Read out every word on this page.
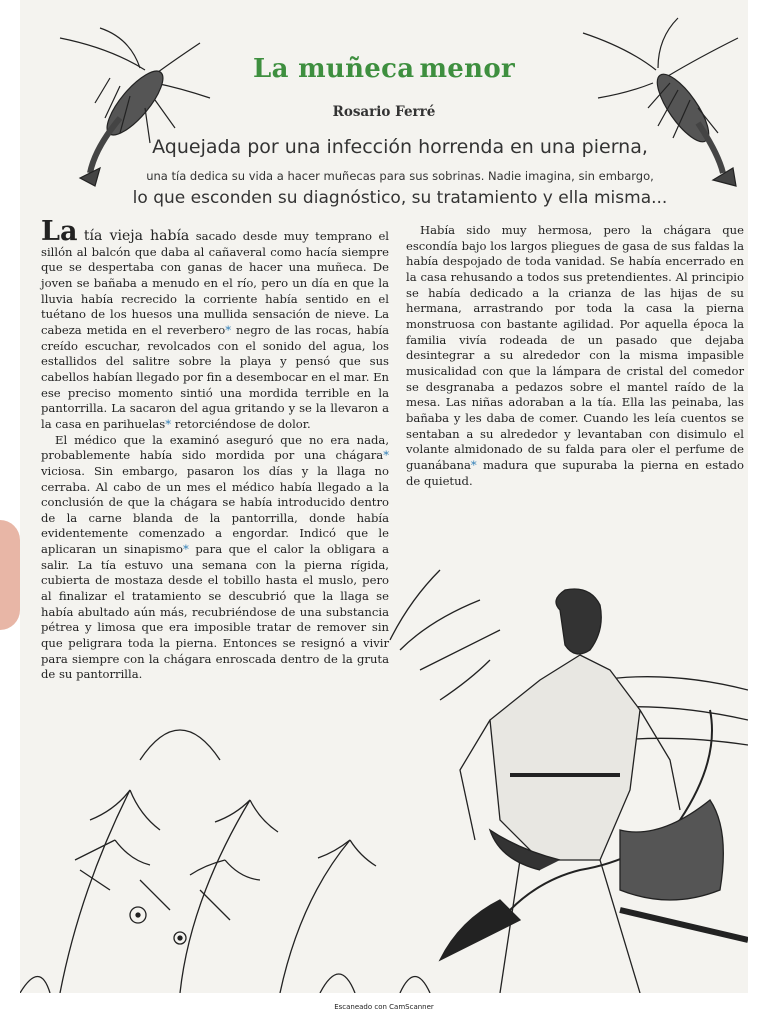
La muñeca menor
Rosario Ferré
Aquejada por una infección horrenda en una pierna,
una tía dedica su vida a hacer muñecas para sus sobrinas. Nadie imagina, sin embargo,
lo que esconden su diagnóstico, su tratamiento y ella misma...

La tía vieja había sacado desde muy temprano el sillón al balcón que daba al cañaveral como hacía siempre que se despertaba con ganas de hacer una muñeca. De joven se bañaba a menudo en el río, pero un día en que la lluvia había recrecido la corriente había sentido en el tuétano de los huesos una mullida sensación de nieve. La cabeza metida en el reverbero* negro de las rocas, había creído escuchar, revolcados con el sonido del agua, los estallidos del salitre sobre la playa y pensó que sus cabellos habían llegado por fin a desembocar en el mar. En ese preciso momento sintió una mordida terrible en la pantorrilla. La sacaron del agua gritando y se la llevaron a la casa en parihuelas* retorciéndose de dolor.

El médico que la examinó aseguró que no era nada, probablemente había sido mordida por una chágara* viciosa. Sin embargo, pasaron los días y la llaga no cerraba. Al cabo de un mes el médico había llegado a la conclusión de que la chágara se había introducido dentro de la carne blanda de la pantorrilla, donde había evidentemente comenzado a engordar. Indicó que le aplicaran un sinapismo* para que el calor la obligara a salir. La tía estuvo una semana con la pierna rígida, cubierta de mostaza desde el tobillo hasta el muslo, pero al finalizar el tratamiento se descubrió que la llaga se había abultado aún más, recubriéndose de una substancia pétrea y limosa que era imposible tratar de remover sin que peligrara toda la pierna. Entonces se resignó a vivir para siempre con la chágara enroscada dentro de la gruta de su pantorrilla.

Había sido muy hermosa, pero la chágara que escondía bajo los largos pliegues de gasa de sus faldas la había despojado de toda vanidad. Se había encerrado en la casa rehusando a todos sus pretendientes. Al principio se había dedicado a la crianza de las hijas de su hermana, arrastrando por toda la casa la pierna monstruosa con bastante agilidad. Por aquella época la familia vivía rodeada de un pasado que dejaba desintegrar a su alrededor con la misma impasible musicalidad con que la lámpara de cristal del comedor se desgranaba a pedazos sobre el mantel raído de la mesa. Las niñas adoraban a la tía. Ella las peinaba, las bañaba y les daba de comer. Cuando les leía cuentos se sentaban a su alrededor y levantaban con disimulo el volante almidonado de su falda para oler el perfume de guanábana* madura que supuraba la pierna en estado de quietud.

Escaneado con CamScanner
